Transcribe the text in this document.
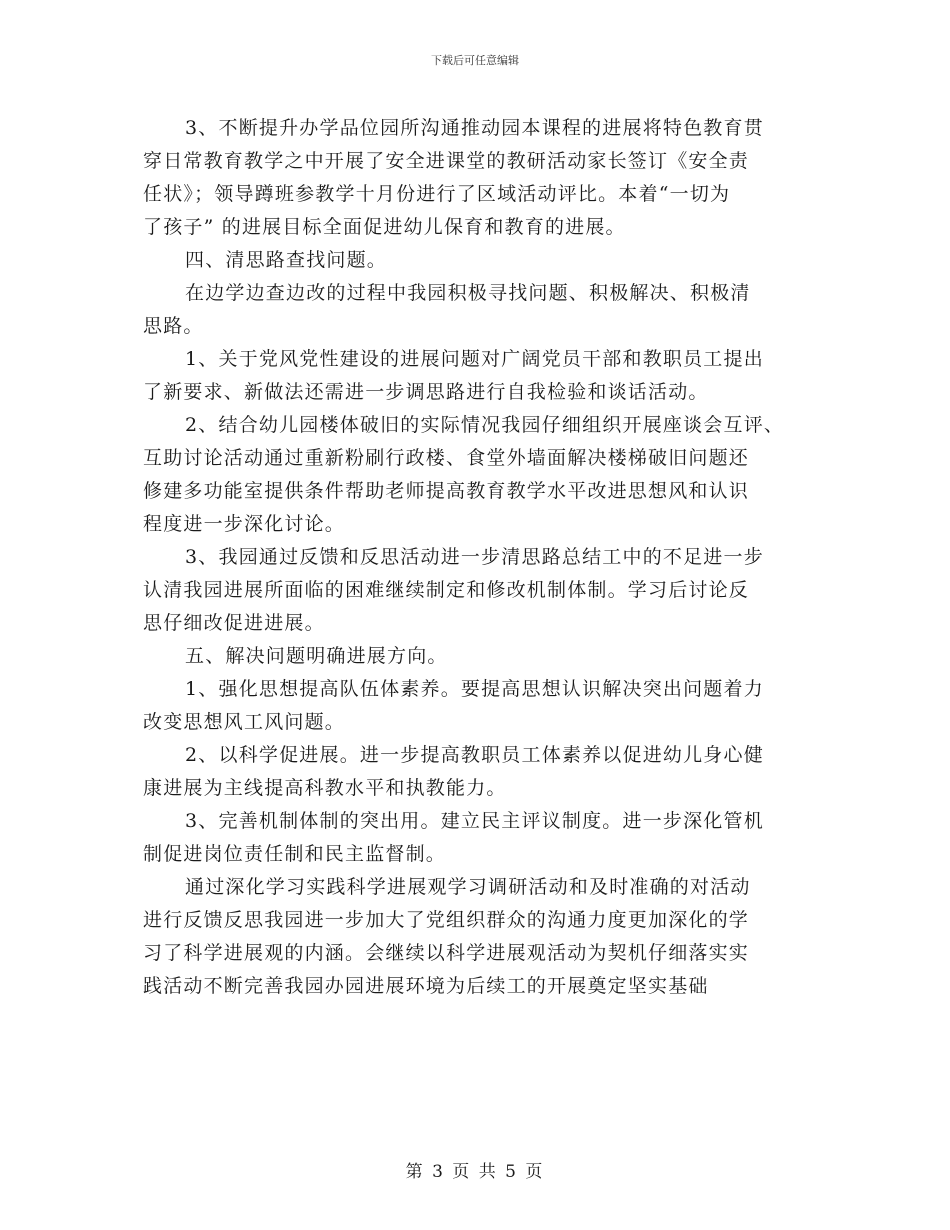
下载后可任意编辑
3、不断提升办学品位园所沟通推动园本课程的进展将特色教育贯
穿日常教育教学之中开展了安全进课堂的教研活动家长签订《安全责
任状》；领导蹲班参教学十月份进行了区域活动评比。本着“一切为
了孩子” 的进展目标全面促进幼儿保育和教育的进展。
四、清思路查找问题。
在边学边查边改的过程中我园积极寻找问题、积极解决、积极清
思路。
1、关于党风党性建设的进展问题对广阔党员干部和教职员工提出
了新要求、新做法还需进一步调思路进行自我检验和谈话活动。
2、结合幼儿园楼体破旧的实际情况我园仔细组织开展座谈会互评、
互助讨论活动通过重新粉刷行政楼、食堂外墙面解决楼梯破旧问题还
修建多功能室提供条件帮助老师提高教育教学水平改进思想风和认识
程度进一步深化讨论。
3、我园通过反馈和反思活动进一步清思路总结工中的不足进一步
认清我园进展所面临的困难继续制定和修改机制体制。学习后讨论反
思仔细改促进进展。
五、解决问题明确进展方向。
1、强化思想提高队伍体素养。要提高思想认识解决突出问题着力
改变思想风工风问题。
2、以科学促进展。进一步提高教职员工体素养以促进幼儿身心健
康进展为主线提高科教水平和执教能力。
3、完善机制体制的突出用。建立民主评议制度。进一步深化管机
制促进岗位责任制和民主监督制。
通过深化学习实践科学进展观学习调研活动和及时准确的对活动
进行反馈反思我园进一步加大了党组织群众的沟通力度更加深化的学
习了科学进展观的内涵。会继续以科学进展观活动为契机仔细落实实
践活动不断完善我园办园进展环境为后续工的开展奠定坚实基础
第 3 页 共 5 页
